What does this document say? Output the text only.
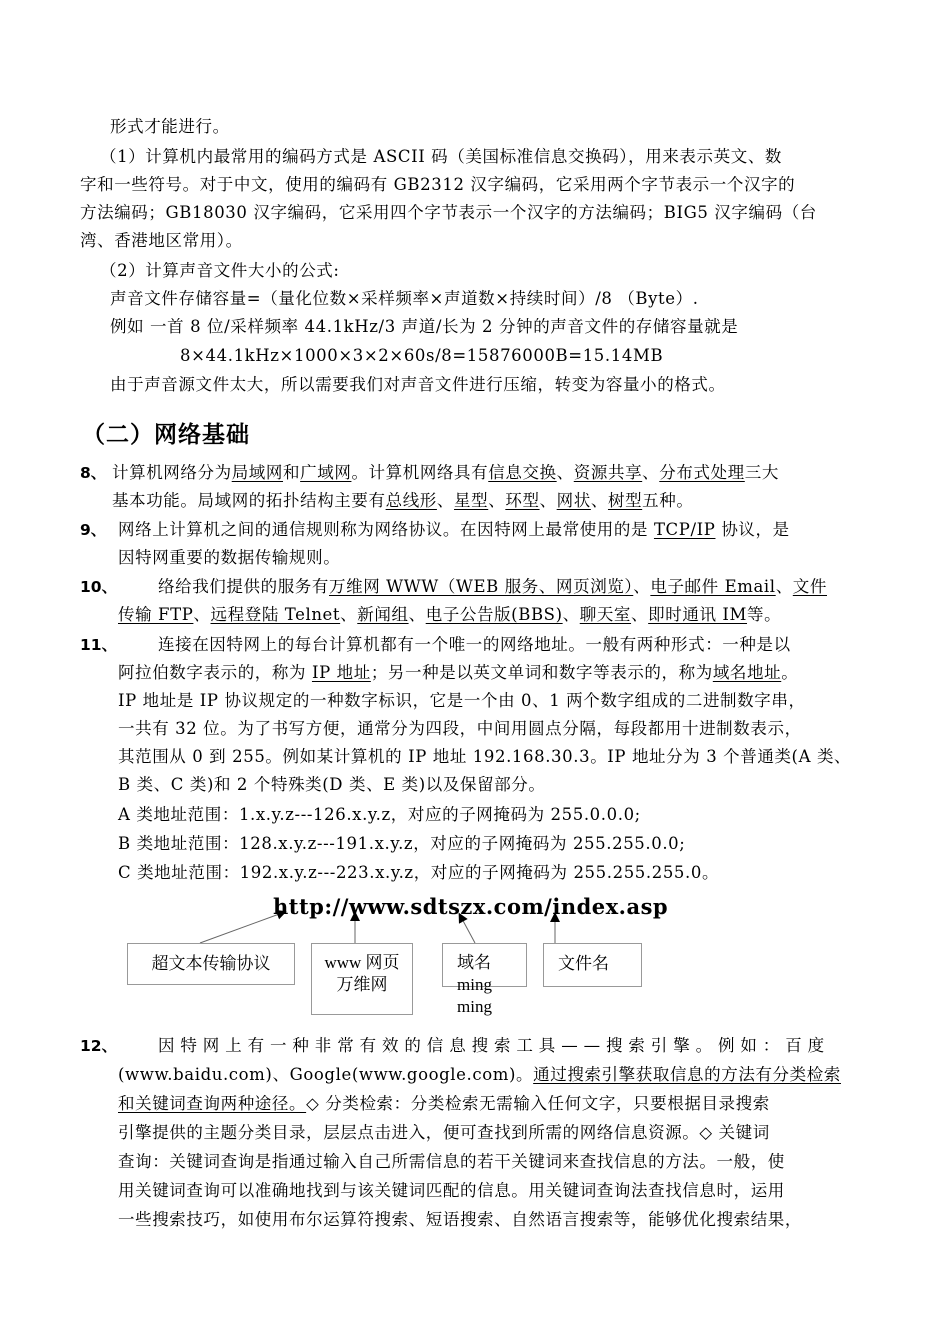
形式才能进行。
（1）计算机内最常用的编码方式是 ASCII 码（美国标准信息交换码），用来表示英文、数
字和一些符号。对于中文，使用的编码有 GB2312 汉字编码，它采用两个字节表示一个汉字的
方法编码；GB18030 汉字编码，它采用四个字节表示一个汉字的方法编码；BIG5 汉字编码（台
湾、香港地区常用）。
（2）计算声音文件大小的公式:
声音文件存储容量=（量化位数×采样频率×声道数×持续时间）/8 （Byte）.
例如 一首 8 位/采样频率 44.1kHz/3 声道/长为 2 分钟的声音文件的存储容量就是
8×44.1kHz×1000×3×2×60s/8=15876000B=15.14MB
由于声音源文件太大，所以需要我们对声音文件进行压缩，转变为容量小的格式。
（二）网络基础
8、 计算机网络分为局域网和广域网。计算机网络具有信息交换、资源共享、分布式处理三大
基本功能。局域网的拓扑结构主要有总线形、星型、环型、网状、树型五种。
9、 网络上计算机之间的通信规则称为网络协议。在因特网上最常使用的是 TCP/IP 协议，是
因特网重要的数据传输规则。
10、 络给我们提供的服务有万维网 WWW（WEB 服务、网页浏览）、电子邮件 Email、文件
传输 FTP、远程登陆 Telnet、新闻组、电子公告版(BBS)、聊天室、即时通讯 IM等。
11、 连接在因特网上的每台计算机都有一个唯一的网络地址。一般有两种形式：一种是以
阿拉伯数字表示的，称为 IP 地址；另一种是以英文单词和数字等表示的，称为域名地址。
IP 地址是 IP 协议规定的一种数字标识，它是一个由 0、1 两个数字组成的二进制数字串，
一共有 32 位。为了书写方便，通常分为四段，中间用圆点分隔，每段都用十进制数表示，
其范围从 0 到 255。例如某计算机的 IP 地址 192.168.30.3。IP 地址分为 3 个普通类(A 类、
B 类、C 类)和 2 个特殊类(D 类、E 类)以及保留部分。
A 类地址范围：1.x.y.z---126.x.y.z，对应的子网掩码为 255.0.0.0;
B 类地址范围：128.x.y.z---191.x.y.z，对应的子网掩码为 255.255.0.0;
C 类地址范围：192.x.y.z---223.x.y.z，对应的子网掩码为 255.255.255.0。
http://www.sdtszx.com/index.asp
超文本传输协议	www 网页
万维网
域名
ming
ming
文件名
12、 因特网上有一种非常有效的信息搜索工具——搜索引擎。例如：百度
(www.baidu.com)、Google(www.google.com)。通过搜索引擎获取信息的方法有分类检索
和关键词查询两种途径。◇ 分类检索：分类检索无需输入任何文字，只要根据目录搜索
引擎提供的主题分类目录，层层点击进入，便可查找到所需的网络信息资源。◇ 关键词
查询：关键词查询是指通过输入自己所需信息的若干关键词来查找信息的方法。一般，使
用关键词查询可以准确地找到与该关键词匹配的信息。用关键词查询法查找信息时，运用
一些搜索技巧，如使用布尔运算符搜索、短语搜索、自然语言搜索等，能够优化搜索结果，
